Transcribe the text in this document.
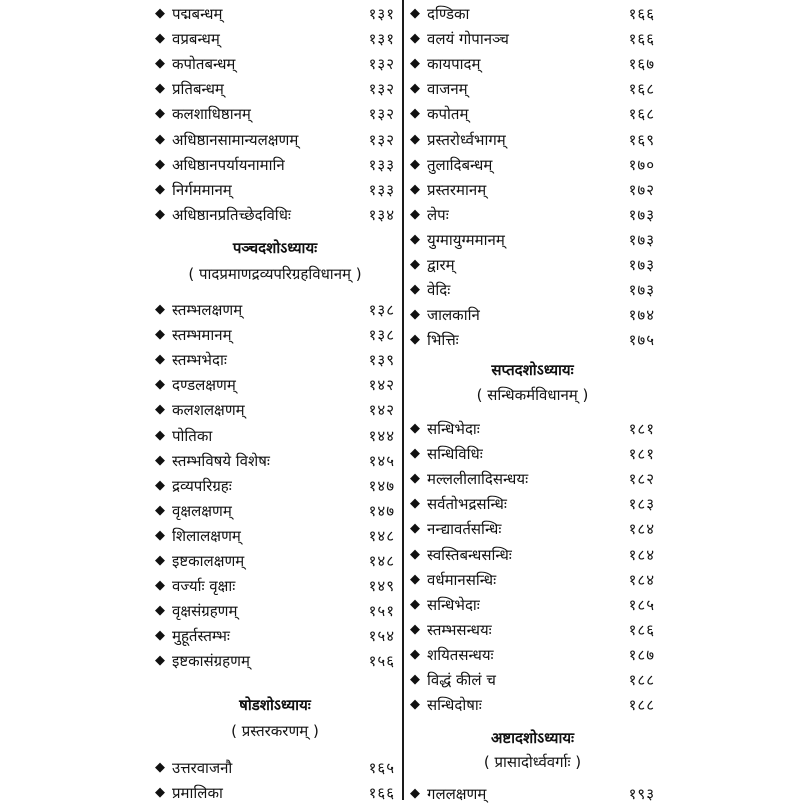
◆ पद्मबन्धम्	१३१
◆ वप्रबन्धम्	१३१
◆ कपोतबन्धम्	१३२
◆ प्रतिबन्धम्	१३२
◆ कलशाधिष्ठानम्	१३२
◆ अधिष्ठानसामान्यलक्षणम्	१३२
◆ अधिष्ठानपर्यायनामानि	१३३
◆ निर्गममानम्	१३३
◆ अधिष्ठानप्रतिच्छेदविधिः	१३४
पञ्चदशोऽध्यायः
( पादप्रमाणद्रव्यपरिग्रहविधानम् )
◆ स्तम्भलक्षणम्	१३८
◆ स्तम्भमानम्	१३८
◆ स्तम्भभेदाः	१३९
◆ दण्डलक्षणम्	१४२
◆ कलशलक्षणम्	१४२
◆ पोतिका	१४४
◆ स्तम्भविषये विशेषः	१४५
◆ द्रव्यपरिग्रहः	१४७
◆ वृक्षलक्षणम्	१४७
◆ शिलालक्षणम्	१४८
◆ इष्टकालक्षणम्	१४८
◆ वर्ज्याः वृक्षाः	१४९
◆ वृक्षसंग्रहणम्	१५१
◆ मुहूर्तस्तम्भः	१५४
◆ इष्टकासंग्रहणम्	१५६
षोडशोऽध्यायः
( प्रस्तरकरणम् )
◆ उत्तरवाजनौ	१६५
◆ प्रमालिका	१६६
◆ दण्डिका	१६६
◆ वलयं गोपानञ्च	१६६
◆ कायपादम्	१६७
◆ वाजनम्	१६८
◆ कपोतम्	१६८
◆ प्रस्तरोर्ध्वभागम्	१६९
◆ तुलादिबन्धम्	१७०
◆ प्रस्तरमानम्	१७२
◆ लेपः	१७३
◆ युग्मायुग्ममानम्	१७३
◆ द्वारम्	१७३
◆ वेदिः	१७३
◆ जालकानि	१७४
◆ भित्तिः	१७५
सप्तदशोऽध्यायः
( सन्धिकर्मविधानम् )
◆ सन्धिभेदाः	१८१
◆ सन्धिविधिः	१८१
◆ मल्ललीलादिसन्धयः	१८२
◆ सर्वतोभद्रसन्धिः	१८३
◆ नन्द्यावर्तसन्धिः	१८४
◆ स्वस्तिबन्धसन्धिः	१८४
◆ वर्धमानसन्धिः	१८४
◆ सन्धिभेदाः	१८५
◆ स्तम्भसन्धयः	१८६
◆ शयितसन्धयः	१८७
◆ विद्धं कीलं च	१८८
◆ सन्धिदोषाः	१८८
अष्टादशोऽध्यायः
( प्रासादोर्ध्ववर्गाः )
◆ गललक्षणम्	१९३
